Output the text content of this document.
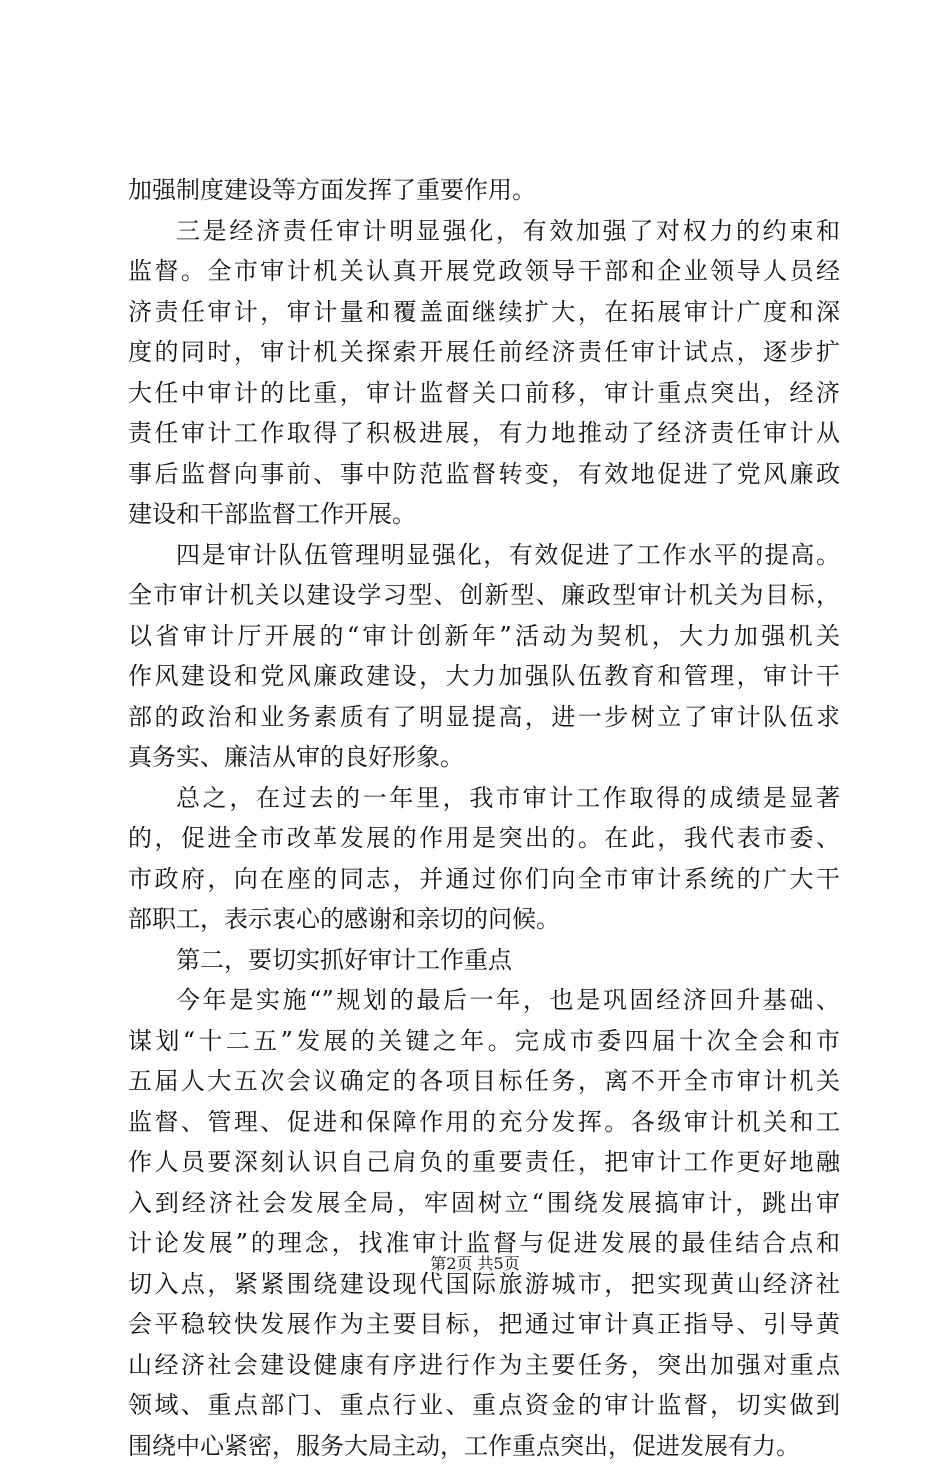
加强制度建设等方面发挥了重要作用。
三是经济责任审计明显强化，有效加强了对权力的约束和
监督。全市审计机关认真开展党政领导干部和企业领导人员经
济责任审计，审计量和覆盖面继续扩大，在拓展审计广度和深
度的同时，审计机关探索开展任前经济责任审计试点，逐步扩
大任中审计的比重，审计监督关口前移，审计重点突出，经济
责任审计工作取得了积极进展，有力地推动了经济责任审计从
事后监督向事前、事中防范监督转变，有效地促进了党风廉政
建设和干部监督工作开展。
四是审计队伍管理明显强化，有效促进了工作水平的提高。
全市审计机关以建设学习型、创新型、廉政型审计机关为目标，
以省审计厅开展的“审计创新年”活动为契机，大力加强机关
作风建设和党风廉政建设，大力加强队伍教育和管理，审计干
部的政治和业务素质有了明显提高，进一步树立了审计队伍求
真务实、廉洁从审的良好形象。
总之，在过去的一年里，我市审计工作取得的成绩是显著
的，促进全市改革发展的作用是突出的。在此，我代表市委、
市政府，向在座的同志，并通过你们向全市审计系统的广大干
部职工，表示衷心的感谢和亲切的问候。
第二，要切实抓好审计工作重点
今年是实施“”规划的最后一年，也是巩固经济回升基础、
谋划“十二五”发展的关键之年。完成市委四届十次全会和市
五届人大五次会议确定的各项目标任务，离不开全市审计机关
监督、管理、促进和保障作用的充分发挥。各级审计机关和工
作人员要深刻认识自己肩负的重要责任，把审计工作更好地融
入到经济社会发展全局，牢固树立“围绕发展搞审计，跳出审
计论发展”的理念，找准审计监督与促进发展的最佳结合点和
切入点，紧紧围绕建设现代国际旅游城市，把实现黄山经济社
会平稳较快发展作为主要目标，把通过审计真正指导、引导黄
山经济社会建设健康有序进行作为主要任务，突出加强对重点
领域、重点部门、重点行业、重点资金的审计监督，切实做到
围绕中心紧密，服务大局主动，工作重点突出，促进发展有力。
第2页 共5页
